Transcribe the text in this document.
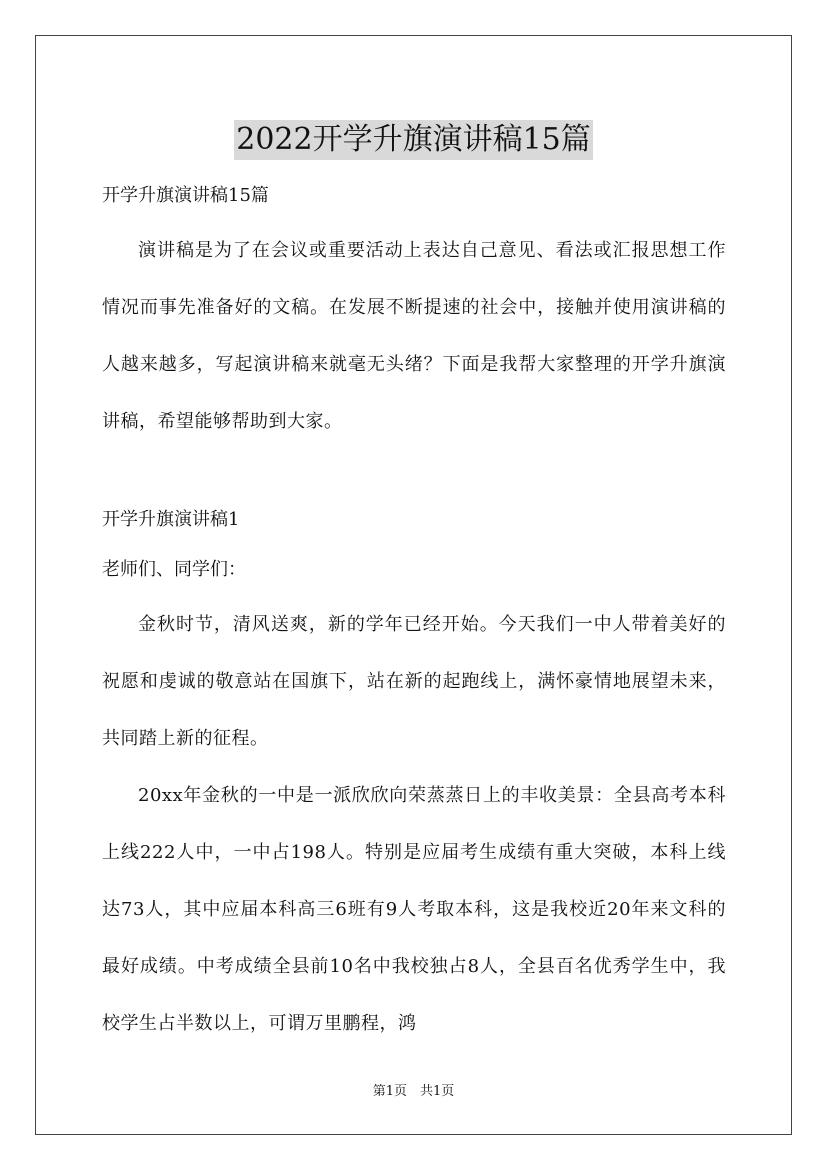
2022开学升旗演讲稿15篇

开学升旗演讲稿15篇

演讲稿是为了在会议或重要活动上表达自己意见、看法或汇报思想工作情况而事先准备好的文稿。在发展不断提速的社会中，接触并使用演讲稿的人越来越多，写起演讲稿来就毫无头绪？下面是我帮大家整理的开学升旗演讲稿，希望能够帮助到大家。

开学升旗演讲稿1

老师们、同学们：

金秋时节，清风送爽，新的学年已经开始。今天我们一中人带着美好的祝愿和虔诚的敬意站在国旗下，站在新的起跑线上，满怀豪情地展望未来，共同踏上新的征程。

20xx年金秋的一中是一派欣欣向荣蒸蒸日上的丰收美景：全县高考本科上线222人中，一中占198人。特别是应届考生成绩有重大突破，本科上线达73人，其中应届本科高三6班有9人考取本科，这是我校近20年来文科的最好成绩。中考成绩全县前10名中我校独占8人，全县百名优秀学生中，我校学生占半数以上，可谓万里鹏程，鸿

第1页　共1页
